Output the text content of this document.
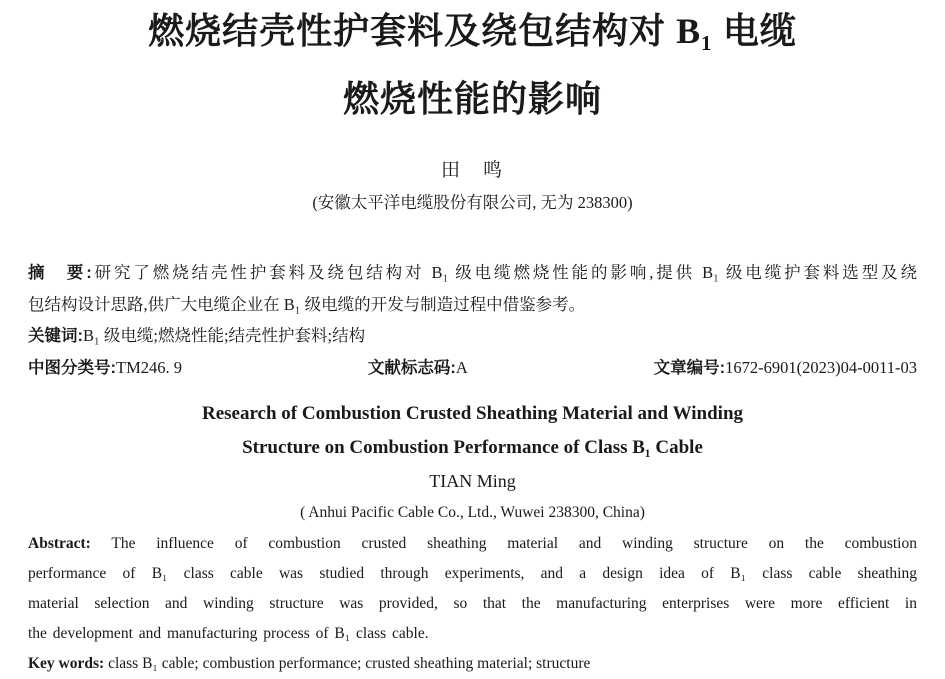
燃烧结壳性护套料及绕包结构对 B₁ 电缆
燃烧性能的影响
田　鸣
(安徽太平洋电缆股份有限公司, 无为 238300)
摘　要:研究了燃烧结壳性护套料及绕包结构对 B₁ 级电缆燃烧性能的影响,提供 B₁ 级电缆护套料选型及绕
包结构设计思路,供广大电缆企业在 B₁ 级电缆的开发与制造过程中借鉴参考。
关键词:B₁ 级电缆;燃烧性能;结壳性护套料;结构
中图分类号:TM246. 9	文献标志码:A	文章编号:1672-6901(2023)04-0011-03
Research of Combustion Crusted Sheathing Material and Winding
Structure on Combustion Performance of Class B₁ Cable
TIAN Ming
( Anhui Pacific Cable Co., Ltd., Wuwei 238300, China)
Abstract: The influence of combustion crusted sheathing material and winding structure on the combustion
performance of B₁ class cable was studied through experiments, and a design idea of B₁ class cable sheathing
material selection and winding structure was provided, so that the manufacturing enterprises were more efficient in
the development and manufacturing process of B₁ class cable.
Key words: class B₁ cable; combustion performance; crusted sheathing material; structure
